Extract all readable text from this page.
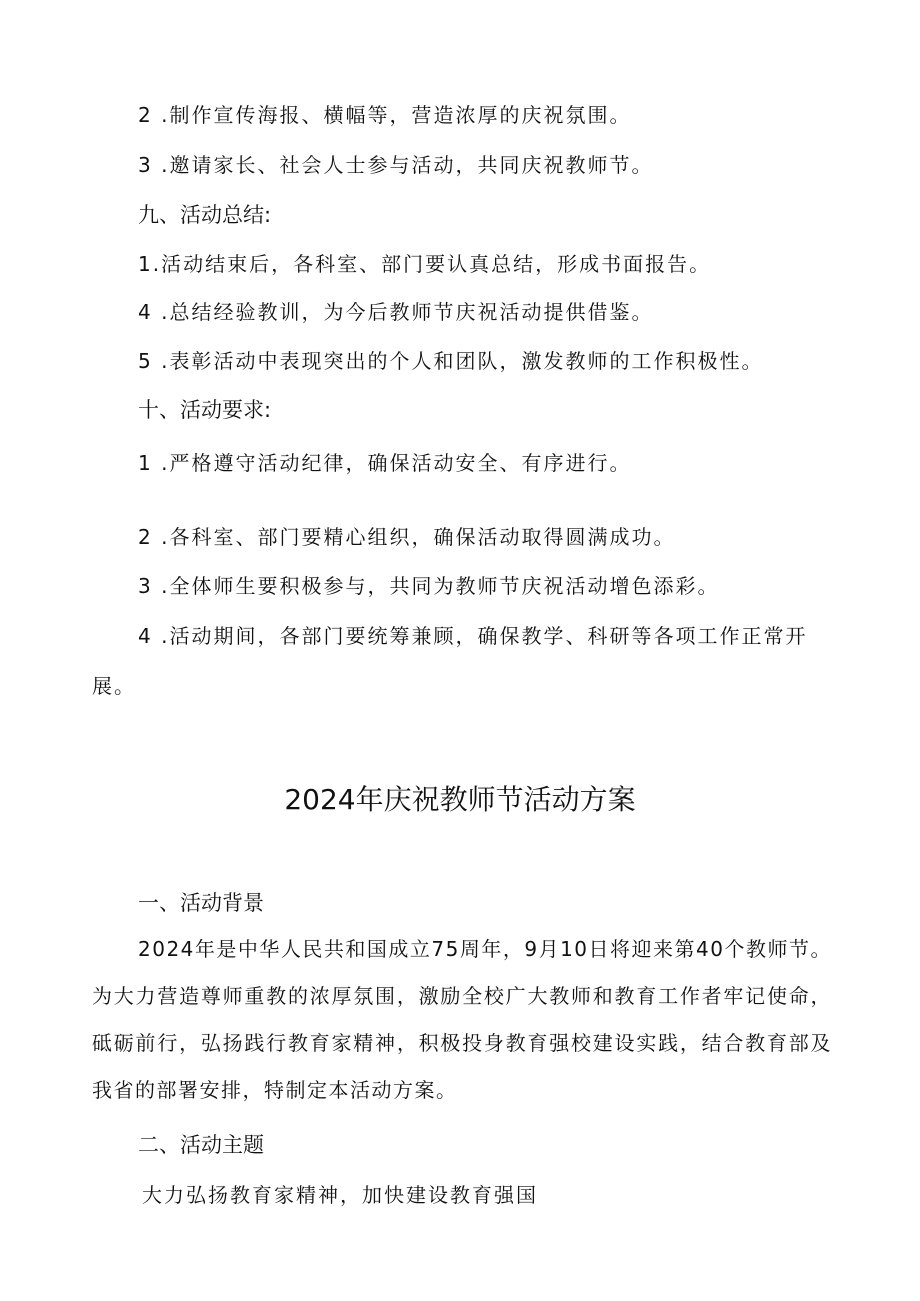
2 .制作宣传海报、横幅等，营造浓厚的庆祝氛围。
3 .邀请家长、社会人士参与活动，共同庆祝教师节。
九、活动总结:
1.活动结束后，各科室、部门要认真总结，形成书面报告。
4 .总结经验教训，为今后教师节庆祝活动提供借鉴。
5 .表彰活动中表现突出的个人和团队，激发教师的工作积极性。
十、活动要求:
1 .严格遵守活动纪律，确保活动安全、有序进行。
2 .各科室、部门要精心组织，确保活动取得圆满成功。
3 .全体师生要积极参与，共同为教师节庆祝活动增色添彩。

4 .活动期间，各部门要统筹兼顾，确保教学、科研等各项工作正常开展。

2024年庆祝教师节活动方案
一、活动背景

2024年是中华人民共和国成立75周年，9月10日将迎来第40个教师节。为大力营造尊师重教的浓厚氛围，激励全校广大教师和教育工作者牢记使命，砥砺前行，弘扬践行教育家精神，积极投身教育强校建设实践，结合教育部及我省的部署安排，特制定本活动方案。

二、活动主题
大力弘扬教育家精神，加快建设教育强国
